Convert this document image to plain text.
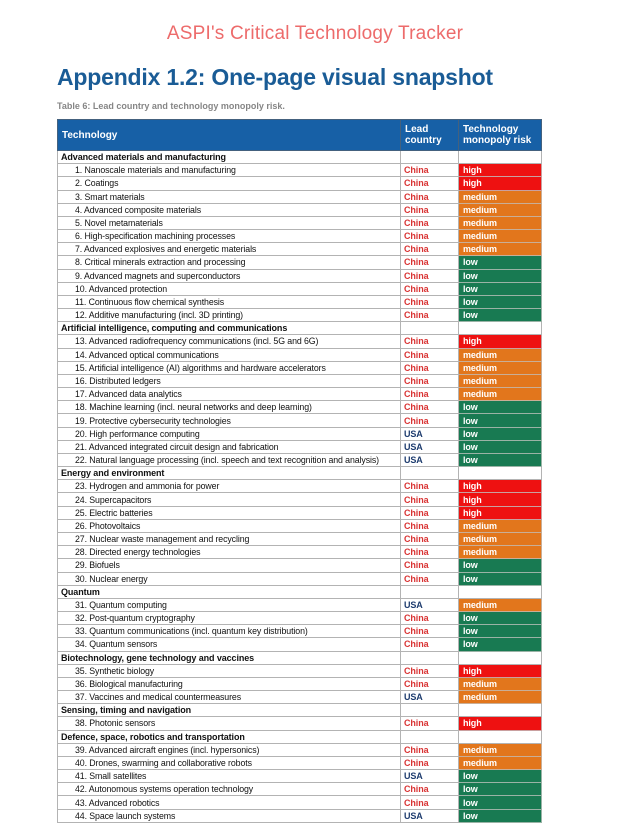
ASPI's Critical Technology Tracker
Appendix 1.2: One-page visual snapshot
Table 6: Lead country and technology monopoly risk.
Technology	Lead country	Technology monopoly risk
Advanced materials and manufacturing		
1. Nanoscale materials and manufacturing	China	high
2. Coatings	China	high
3. Smart materials	China	medium
4. Advanced composite materials	China	medium
5. Novel metamaterials	China	medium
6. High-specification machining processes	China	medium
7. Advanced explosives and energetic materials	China	medium
8. Critical minerals extraction and processing	China	low
9. Advanced magnets and superconductors	China	low
10. Advanced protection	China	low
11. Continuous flow chemical synthesis	China	low
12. Additive manufacturing (incl. 3D printing)	China	low
Artificial intelligence, computing and communications		
13. Advanced radiofrequency communications (incl. 5G and 6G)	China	high
14. Advanced optical communications	China	medium
15. Artificial intelligence (AI) algorithms and hardware accelerators	China	medium
16. Distributed ledgers	China	medium
17. Advanced data analytics	China	medium
18. Machine learning (incl. neural networks and deep learning)	China	low
19. Protective cybersecurity technologies	China	low
20. High performance computing	USA	low
21. Advanced integrated circuit design and fabrication	USA	low
22. Natural language processing (incl. speech and text recognition and analysis)	USA	low
Energy and environment		
23. Hydrogen and ammonia for power	China	high
24. Supercapacitors	China	high
25. Electric batteries	China	high
26. Photovoltaics	China	medium
27. Nuclear waste management and recycling	China	medium
28. Directed energy technologies	China	medium
29. Biofuels	China	low
30. Nuclear energy	China	low
Quantum		
31. Quantum computing	USA	medium
32. Post-quantum cryptography	China	low
33. Quantum communications (incl. quantum key distribution)	China	low
34. Quantum sensors	China	low
Biotechnology, gene technology and vaccines		
35. Synthetic biology	China	high
36. Biological manufacturing	China	medium
37. Vaccines and medical countermeasures	USA	medium
Sensing, timing and navigation		
38. Photonic sensors	China	high
Defence, space, robotics and transportation		
39. Advanced aircraft engines (incl. hypersonics)	China	medium
40. Drones, swarming and collaborative robots	China	medium
41. Small satellites	USA	low
42. Autonomous systems operation technology	China	low
43. Advanced robotics	China	low
44. Space launch systems	USA	low
